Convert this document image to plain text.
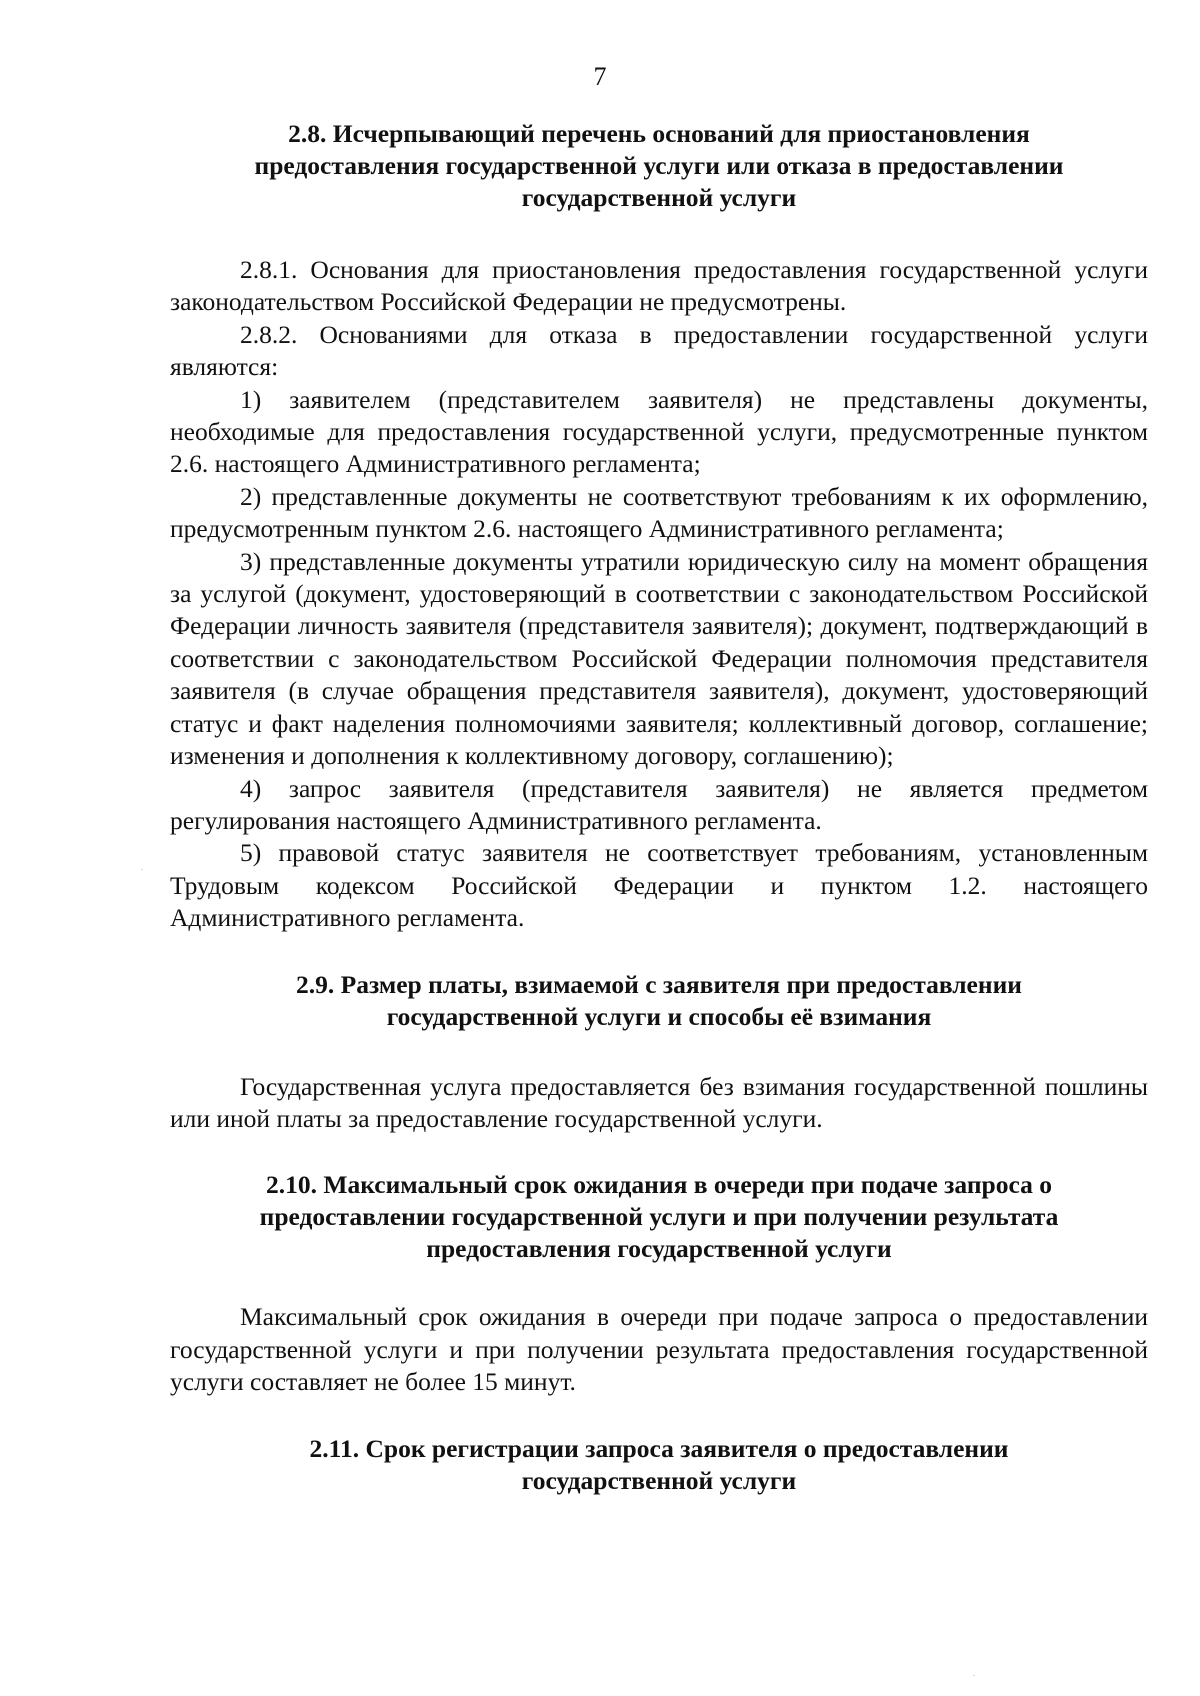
7
2.8. Исчерпывающий перечень оснований для приостановления
предоставления государственной услуги или отказа в предоставлении
государственной услуги

2.8.1. Основания для приостановления предоставления государственной услуги законодательством Российской Федерации не предусмотрены.

2.8.2. Основаниями для отказа в предоставлении государственной услуги являются:

1) заявителем (представителем заявителя) не представлены документы, необходимые для предоставления государственной услуги, предусмотренные пунктом 2.6. настоящего Административного регламента;

2) представленные документы не соответствуют требованиям к их оформлению, предусмотренным пунктом 2.6. настоящего Административного регламента;

3) представленные документы утратили юридическую силу на момент обращения за услугой (документ, удостоверяющий в соответствии с законодательством Российской Федерации личность заявителя (представителя заявителя); документ, подтверждающий в соответствии с законодательством Российской Федерации полномочия представителя заявителя (в случае обращения представителя заявителя), документ, удостоверяющий статус и факт наделения полномочиями заявителя; коллективный договор, соглашение; изменения и дополнения к коллективному договору, соглашению);

4) запрос заявителя (представителя заявителя) не является предметом регулирования настоящего Административного регламента.

5) правовой статус заявителя не соответствует требованиям, установленным Трудовым кодексом Российской Федерации и пунктом 1.2. настоящего Административного регламента.

2.9. Размер платы, взимаемой с заявителя при предоставлении
государственной услуги и способы её взимания

Государственная услуга предоставляется без взимания государственной пошлины или иной платы за предоставление государственной услуги.

2.10. Максимальный срок ожидания в очереди при подаче запроса о
предоставлении государственной услуги и при получении результата
предоставления государственной услуги

Максимальный срок ожидания в очереди при подаче запроса о предоставлении государственной услуги и при получении результата предоставления государственной услуги составляет не более 15 минут.

2.11. Срок регистрации запроса заявителя о предоставлении
государственной услуги
·
·
